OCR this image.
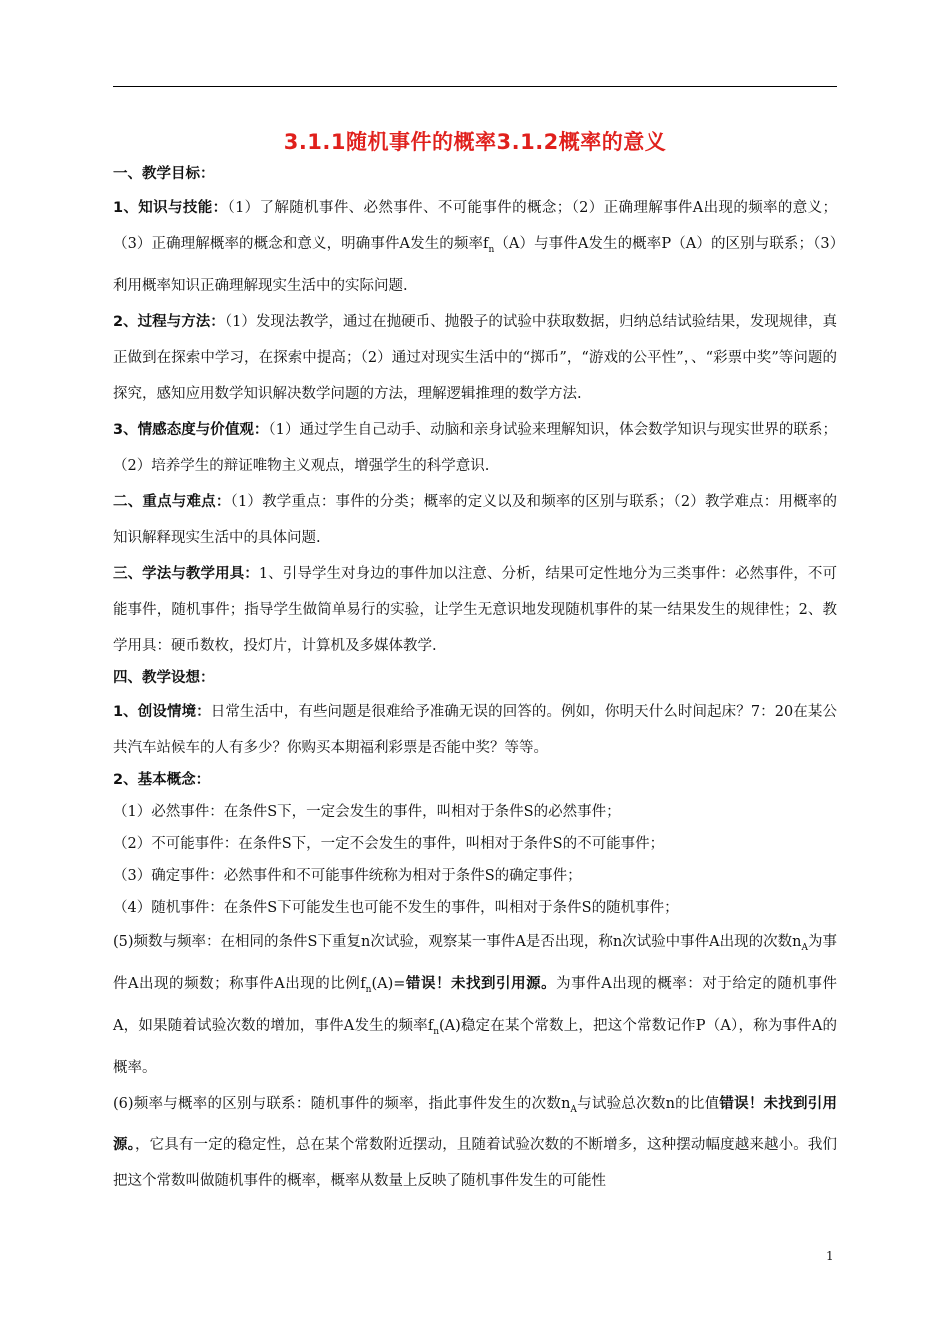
3.1.1随机事件的概率3.1.2概率的意义
一、教学目标：

1、知识与技能：（1）了解随机事件、必然事件、不可能事件的概念；（2）正确理解事件A出现的频率的意义；（3）正确理解概率的概念和意义，明确事件A发生的频率$f_n(A)$与事件A发生的概率P（A）的区别与联系；（3）利用概率知识正确理解现实生活中的实际问题.

2、过程与方法：（1）发现法教学，通过在抛硬币、抛骰子的试验中获取数据，归纳总结试验结果，发现规律，真正做到在探索中学习，在探索中提高；（2）通过对现实生活中的“掷币”，“游戏的公平性”，、“彩票中奖”等问题的探究，感知应用数学知识解决数学问题的方法，理解逻辑推理的数学方法.

3、情感态度与价值观：（1）通过学生自己动手、动脑和亲身试验来理解知识，体会数学知识与现实世界的联系；（2）培养学生的辩证唯物主义观点，增强学生的科学意识.

二、重点与难点：（1）教学重点：事件的分类；概率的定义以及和频率的区别与联系；（2）教学难点：用概率的知识解释现实生活中的具体问题.

三、学法与教学用具：1、引导学生对身边的事件加以注意、分析，结果可定性地分为三类事件：必然事件，不可能事件，随机事件；指导学生做简单易行的实验，让学生无意识地发现随机事件的某一结果发生的规律性；2、教学用具：硬币数枚，投灯片，计算机及多媒体教学.

四、教学设想：

1、创设情境：日常生活中，有些问题是很难给予准确无误的回答的。例如，你明天什么时间起床？7：20在某公共汽车站候车的人有多少？你购买本期福利彩票是否能中奖？等等。

2、基本概念：

（1）必然事件：在条件S下，一定会发生的事件，叫相对于条件S的必然事件；

（2）不可能事件：在条件S下，一定不会发生的事件，叫相对于条件S的不可能事件；

（3）确定事件：必然事件和不可能事件统称为相对于条件S的确定事件；

（4）随机事件：在条件S下可能发生也可能不发生的事件，叫相对于条件S的随机事件；

(5)频数与频率：在相同的条件S下重复n次试验，观察某一事件A是否出现，称n次试验中事件A出现的次数$n_A$为事件A出现的频数；称事件A出现的比例$f_n(A)=$错误！未找到引用源。为事件A出现的概率：对于给定的随机事件A，如果随着试验次数的增加，事件A发生的频率$f_n(A)$稳定在某个常数上，把这个常数记作P（A），称为事件A的概率。

(6)频率与概率的区别与联系：随机事件的频率，指此事件发生的次数$n_A$与试验总次数n的比值错误！未找到引用源。，它具有一定的稳定性，总在某个常数附近摆动，且随着试验次数的不断增多，这种摆动幅度越来越小。我们把这个常数叫做随机事件的概率，概率从数量上反映了随机事件发生的可能性

1
